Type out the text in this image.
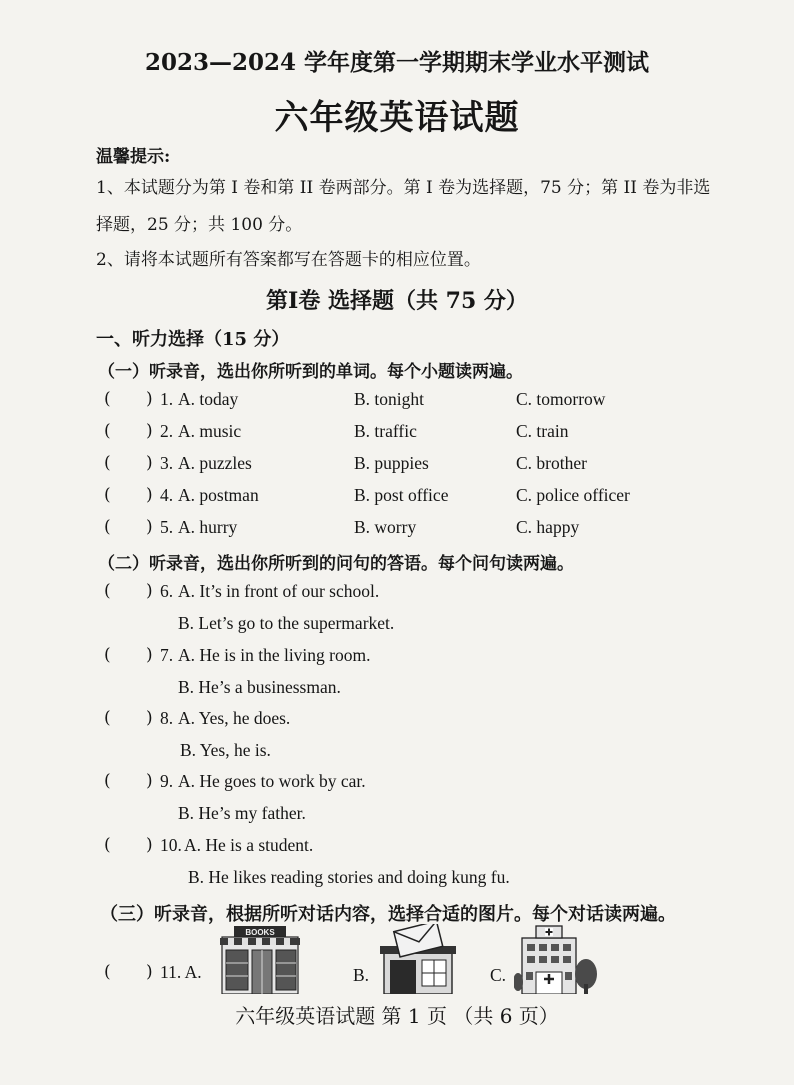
2023—2024 学年度第一学期期末学业水平测试
六年级英语试题
温馨提示:
1、本试题分为第 I 卷和第 II 卷两部分。第 I 卷为选择题，75 分；第 II 卷为非选
择题，25 分；共 100 分。
2、请将本试题所有答案都写在答题卡的相应位置。
第I卷 选择题（共 75 分）
一、听力选择（15 分）
（一）听录音，选出你所听到的单词。每个小题读两遍。
( ) 1. A. today	B. tonight	C. tomorrow
( ) 2. A. music	B. traffic	C. train
( ) 3. A. puzzles	B. puppies	C. brother
( ) 4. A. postman	B. post office	C. police officer
( ) 5. A. hurry	B. worry	C. happy
（二）听录音，选出你所听到的问句的答语。每个问句读两遍。
( ) 6. A. It’s in front of our school.
B. Let’s go to the supermarket.
( ) 7. A. He is in the living room.
B. He’s a businessman.
( ) 8. A. Yes, he does.
B. Yes, he is.
( ) 9. A. He goes to work by car.
B. He’s my father.
( ) 10. A. He is a student.
B. He likes reading stories and doing kung fu.
（三）听录音，根据所听对话内容，选择合适的图片。每个对话读两遍。
( ) 11. A.
BOOKS
B.	C.
六年级英语试题 第 1 页 （共 6 页）
